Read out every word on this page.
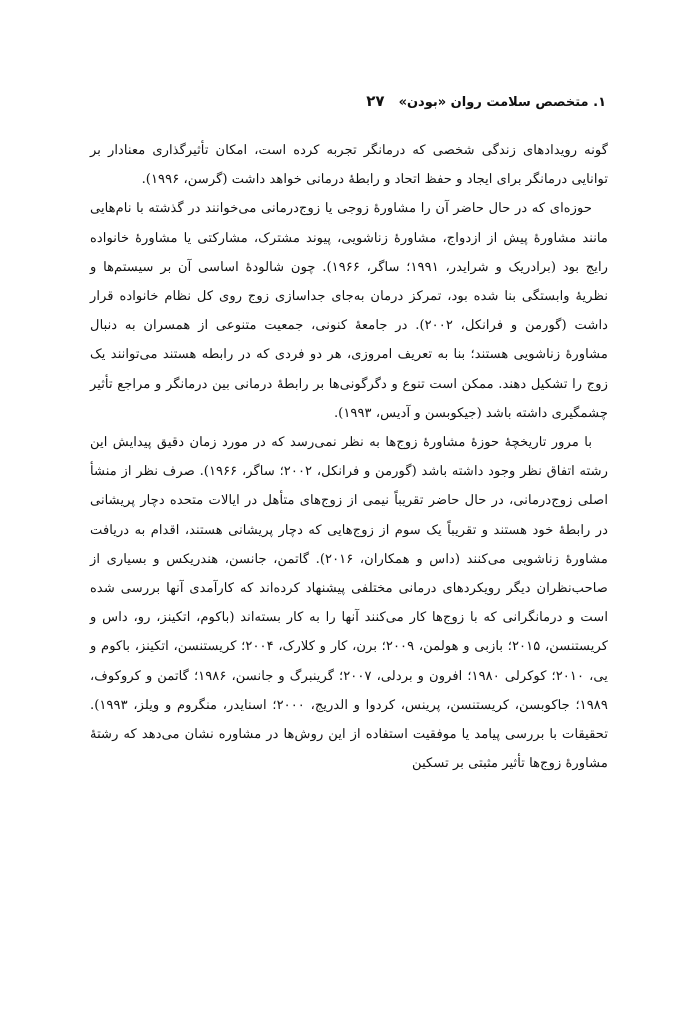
۱. متخصص سلامت روان «بودن»
۲۷

گونه رویدادهای زندگی شخصی که درمانگر تجربه کرده است، امکان تأثیرگذاری معنادار بر توانایی درمانگر برای ایجاد و حفظ اتحاد و رابطهٔ درمانی خواهد داشت (گرسن، ۱۹۹۶).

حوزه‌ای که در حال حاضر آن را مشاورهٔ زوجی یا زوج‌درمانی می‌خوانند در گذشته با نام‌هایی مانند مشاورهٔ پیش از ازدواج، مشاورهٔ زناشویی، پیوند مشترک، مشارکتی یا مشاورهٔ خانواده رایج بود (برادریک و شرایدر، ۱۹۹۱؛ ساگر، ۱۹۶۶). چون شالودهٔ اساسی آن بر سیستم‌ها و نظریهٔ وابستگی بنا شده بود، تمرکز درمان به‌جای جداسازی زوج روی کل نظام خانواده قرار داشت (گورمن و فرانکل، ۲۰۰۲). در جامعهٔ کنونی، جمعیت متنوعی از همسران به دنبال مشاورهٔ زناشویی هستند؛ بنا به تعریف امروزی، هر دو فردی که در رابطه هستند می‌توانند یک زوج را تشکیل دهند. ممکن است تنوع و دگرگونی‌ها بر رابطهٔ درمانی بین درمانگر و مراجع تأثیر چشمگیری داشته باشد (جیکوبسن و آدیس، ۱۹۹۳).

با مرور تاریخچهٔ حوزهٔ مشاورهٔ زوج‌ها به نظر نمی‌رسد که در مورد زمان دقیق پیدایش این رشته اتفاق نظر وجود داشته باشد (گورمن و فرانکل، ۲۰۰۲؛ ساگر، ۱۹۶۶). صرف نظر از منشأ اصلی زوج‌درمانی، در حال حاضر تقریباً نیمی از زوج‌های متأهل در ایالات متحده دچار پریشانی در رابطهٔ خود هستند و تقریباً یک سوم از زوج‌هایی که دچار پریشانی هستند، اقدام به دریافت مشاورهٔ زناشویی می‌کنند (داس و همکاران، ۲۰۱۶). گاتمن، جانسن، هندریکس و بسیاری از صاحب‌نظران دیگر رویکردهای درمانی مختلفی پیشنهاد کرده‌اند که کارآمدی آنها بررسی شده است و درمانگرانی که با زوج‌ها کار می‌کنند آنها را به کار بسته‌اند (باکوم، اتکینز، رو، داس و کریستنسن، ۲۰۱۵؛ بازبی و هولمن، ۲۰۰۹؛ برن، کار و کلارک، ۲۰۰۴؛ کریستنسن، اتکینز، باکوم و یی، ۲۰۱۰؛ کوکرلی ۱۹۸۰؛ افرون و بردلی، ۲۰۰۷؛ گرینبرگ و جانسن، ۱۹۸۶؛ گاتمن و کروکوف، ۱۹۸۹؛ جاکوبسن، کریستنسن، پرینس، کردوا و الدریج، ۲۰۰۰؛ اسنایدر، منگروم و ویلز، ۱۹۹۳). تحقیقات با بررسی پیامد یا موفقیت استفاده از این روش‌ها در مشاوره نشان می‌دهد که رشتهٔ مشاورهٔ زوج‌ها تأثیر مثبتی بر تسکین
